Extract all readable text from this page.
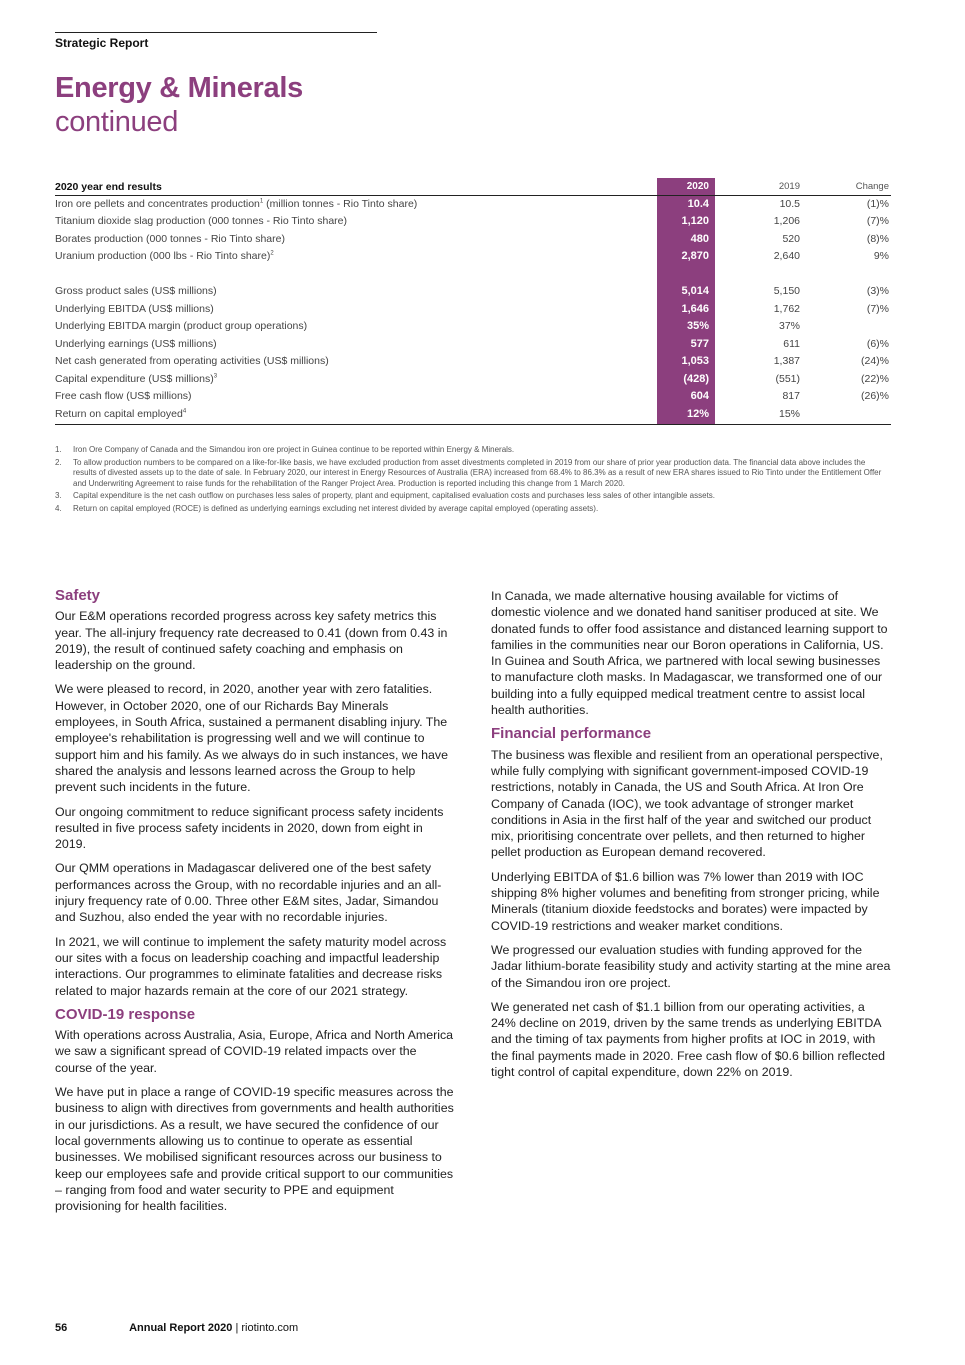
Strategic Report
Energy & Minerals
continued
2020 year end results	2020	2019	Change
Iron ore pellets and concentrates production$^1$ (million tonnes - Rio Tinto share)	10.4	10.5	(1)%
Titanium dioxide slag production (000 tonnes - Rio Tinto share)	1,120	1,206	(7)%
Borates production (000 tonnes - Rio Tinto share)	480	520	(8)%
Uranium production (000 lbs - Rio Tinto share)$^2$	2,870	2,640	9%
Gross product sales (US$ millions)	5,014	5,150	(3)%
Underlying EBITDA (US$ millions)	1,646	1,762	(7)%
Underlying EBITDA margin (product group operations)	35%	37%
Underlying earnings (US$ millions)	577	611	(6)%
Net cash generated from operating activities (US$ millions)	1,053	1,387	(24)%
Capital expenditure (US$ millions)$^3$	(428)	(551)	(22)%
Free cash flow (US$ millions)	604	817	(26)%
Return on capital employed$^4$	12%	15%
1. Iron Ore Company of Canada and the Simandou iron ore project in Guinea continue to be reported within Energy & Minerals.
2. To allow production numbers to be compared on a like-for-like basis, we have excluded production from asset divestments completed in 2019 from our share of prior year production data. The financial data above includes the results of divested assets up to the date of sale. In February 2020, our interest in Energy Resources of Australia (ERA) increased from 68.4% to 86.3% as a result of new ERA shares issued to Rio Tinto under the Entitlement Offer and Underwriting Agreement to raise funds for the rehabilitation of the Ranger Project Area. Production is reported including this change from 1 March 2020.
3. Capital expenditure is the net cash outflow on purchases less sales of property, plant and equipment, capitalised evaluation costs and purchases less sales of other intangible assets.
4. Return on capital employed (ROCE) is defined as underlying earnings excluding net interest divided by average capital employed (operating assets).
Safety

Our E&M operations recorded progress across key safety metrics this year. The all-injury frequency rate decreased to 0.41 (down from 0.43 in 2019), the result of continued safety coaching and emphasis on leadership on the ground.

We were pleased to record, in 2020, another year with zero fatalities. However, in October 2020, one of our Richards Bay Minerals employees, in South Africa, sustained a permanent disabling injury. The employee's rehabilitation is progressing well and we will continue to support him and his family. As we always do in such instances, we have shared the analysis and lessons learned across the Group to help prevent such incidents in the future.

Our ongoing commitment to reduce significant process safety incidents resulted in five process safety incidents in 2020, down from eight in 2019.

Our QMM operations in Madagascar delivered one of the best safety performances across the Group, with no recordable injuries and an all-injury frequency rate of 0.00. Three other E&M sites, Jadar, Simandou and Suzhou, also ended the year with no recordable injuries.

In 2021, we will continue to implement the safety maturity model across our sites with a focus on leadership coaching and impactful leadership interactions. Our programmes to eliminate fatalities and decrease risks related to major hazards remain at the core of our 2021 strategy.

COVID-19 response

With operations across Australia, Asia, Europe, Africa and North America we saw a significant spread of COVID-19 related impacts over the course of the year.

We have put in place a range of COVID-19 specific measures across the business to align with directives from governments and health authorities in our jurisdictions. As a result, we have secured the confidence of our local governments allowing us to continue to operate as essential businesses. We mobilised significant resources across our business to keep our employees safe and provide critical support to our communities – ranging from food and water security to PPE and equipment provisioning for health facilities.

In Canada, we made alternative housing available for victims of domestic violence and we donated hand sanitiser produced at site. We donated funds to offer food assistance and distanced learning support to families in the communities near our Boron operations in California, US. In Guinea and South Africa, we partnered with local sewing businesses to manufacture cloth masks. In Madagascar, we transformed one of our building into a fully equipped medical treatment centre to assist local health authorities.

Financial performance

The business was flexible and resilient from an operational perspective, while fully complying with significant government-imposed COVID-19 restrictions, notably in Canada, the US and South Africa. At Iron Ore Company of Canada (IOC), we took advantage of stronger market conditions in Asia in the first half of the year and switched our product mix, prioritising concentrate over pellets, and then returned to higher pellet production as European demand recovered.

Underlying EBITDA of $1.6 billion was 7% lower than 2019 with IOC shipping 8% higher volumes and benefiting from stronger pricing, while Minerals (titanium dioxide feedstocks and borates) were impacted by COVID-19 restrictions and weaker market conditions.

We progressed our evaluation studies with funding approved for the Jadar lithium-borate feasibility study and activity starting at the mine area of the Simandou iron ore project.

We generated net cash of $1.1 billion from our operating activities, a 24% decline on 2019, driven by the same trends as underlying EBITDA and the timing of tax payments from higher profits at IOC in 2019, with the final payments made in 2020. Free cash flow of $0.6 billion reflected tight control of capital expenditure, down 22% on 2019.

56	Annual Report 2020 | riotinto.com
